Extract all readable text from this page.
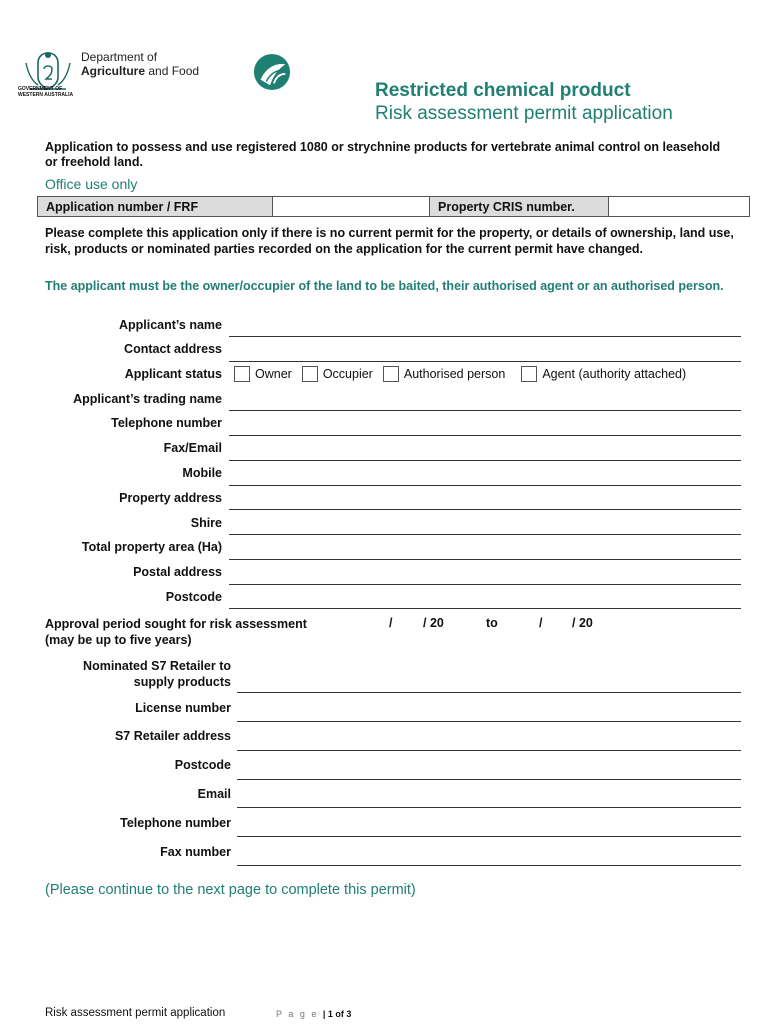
GOVERNMENT OF
WESTERN AUSTRALIA
Department of
Agriculture and Food
Restricted chemical product
Risk assessment permit application
Application to possess and use registered 1080 or strychnine products for vertebrate animal control on leasehold or freehold land.
Office use only
Application number / FRF		Property CRIS number.	
Please complete this application only if there is no current permit for the property, or details of ownership, land use, risk, products or nominated parties recorded on the application for the current permit have changed.
The applicant must be the owner/occupier of the land to be baited, their authorised agent or an authorised person.
Applicant’s name
Contact address
Applicant status	Owner Occupier Authorised person	Agent (authority attached)
Applicant’s trading name
Telephone number
Fax/Email
Mobile
Property address
Shire
Total property area (Ha)
Postal address
Postcode
Approval period sought for risk assessment
(may be up to five years)
/ / 20	to	/ / 20
Nominated S7 Retailer to
supply products
License number
S7 Retailer address
Postcode
Email
Telephone number
Fax number
(Please continue to the next page to complete this permit)
Risk assessment permit application	P a g e | 1 of 3
